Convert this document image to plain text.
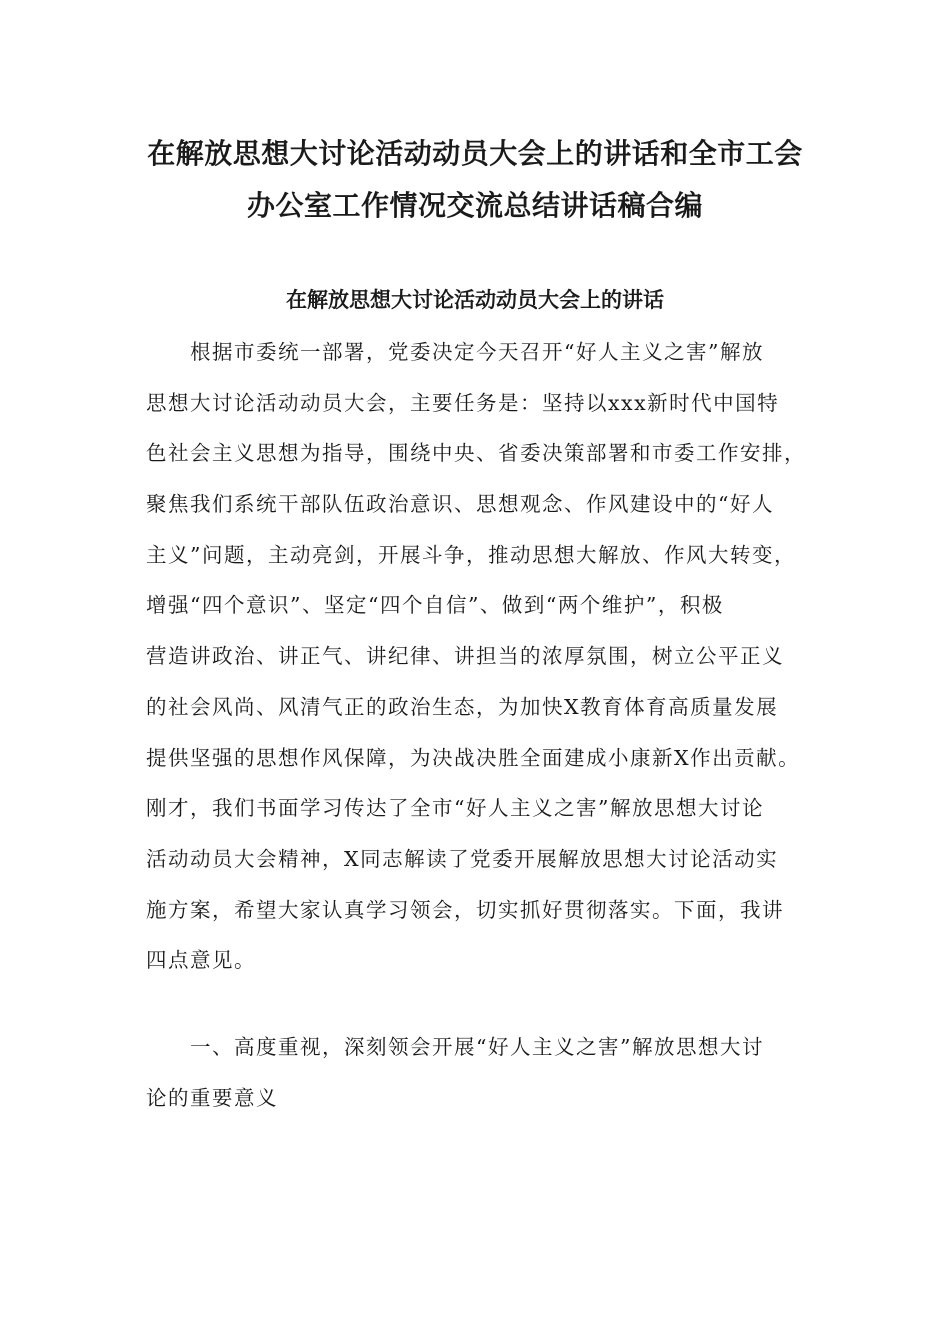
在解放思想大讨论活动动员大会上的讲话和全市工会
办公室工作情况交流总结讲话稿合编
在解放思想大讨论活动动员大会上的讲话

根据市委统一部署，党委决定今天召开“好人主义之害”解放
思想大讨论活动动员大会，主要任务是：坚持以xxx新时代中国特
色社会主义思想为指导，围绕中央、省委决策部署和市委工作安排，
聚焦我们系统干部队伍政治意识、思想观念、作风建设中的“好人
主义”问题，主动亮剑，开展斗争，推动思想大解放、作风大转变，
增强“四个意识”、坚定“四个自信”、做到“两个维护”，积极
营造讲政治、讲正气、讲纪律、讲担当的浓厚氛围，树立公平正义
的社会风尚、风清气正的政治生态，为加快X教育体育高质量发展
提供坚强的思想作风保障，为决战决胜全面建成小康新X作出贡献。
刚才，我们书面学习传达了全市“好人主义之害”解放思想大讨论
活动动员大会精神，X同志解读了党委开展解放思想大讨论活动实
施方案，希望大家认真学习领会，切实抓好贯彻落实。下面，我讲
四点意见。

一、高度重视，深刻领会开展“好人主义之害”解放思想大讨
论的重要意义
